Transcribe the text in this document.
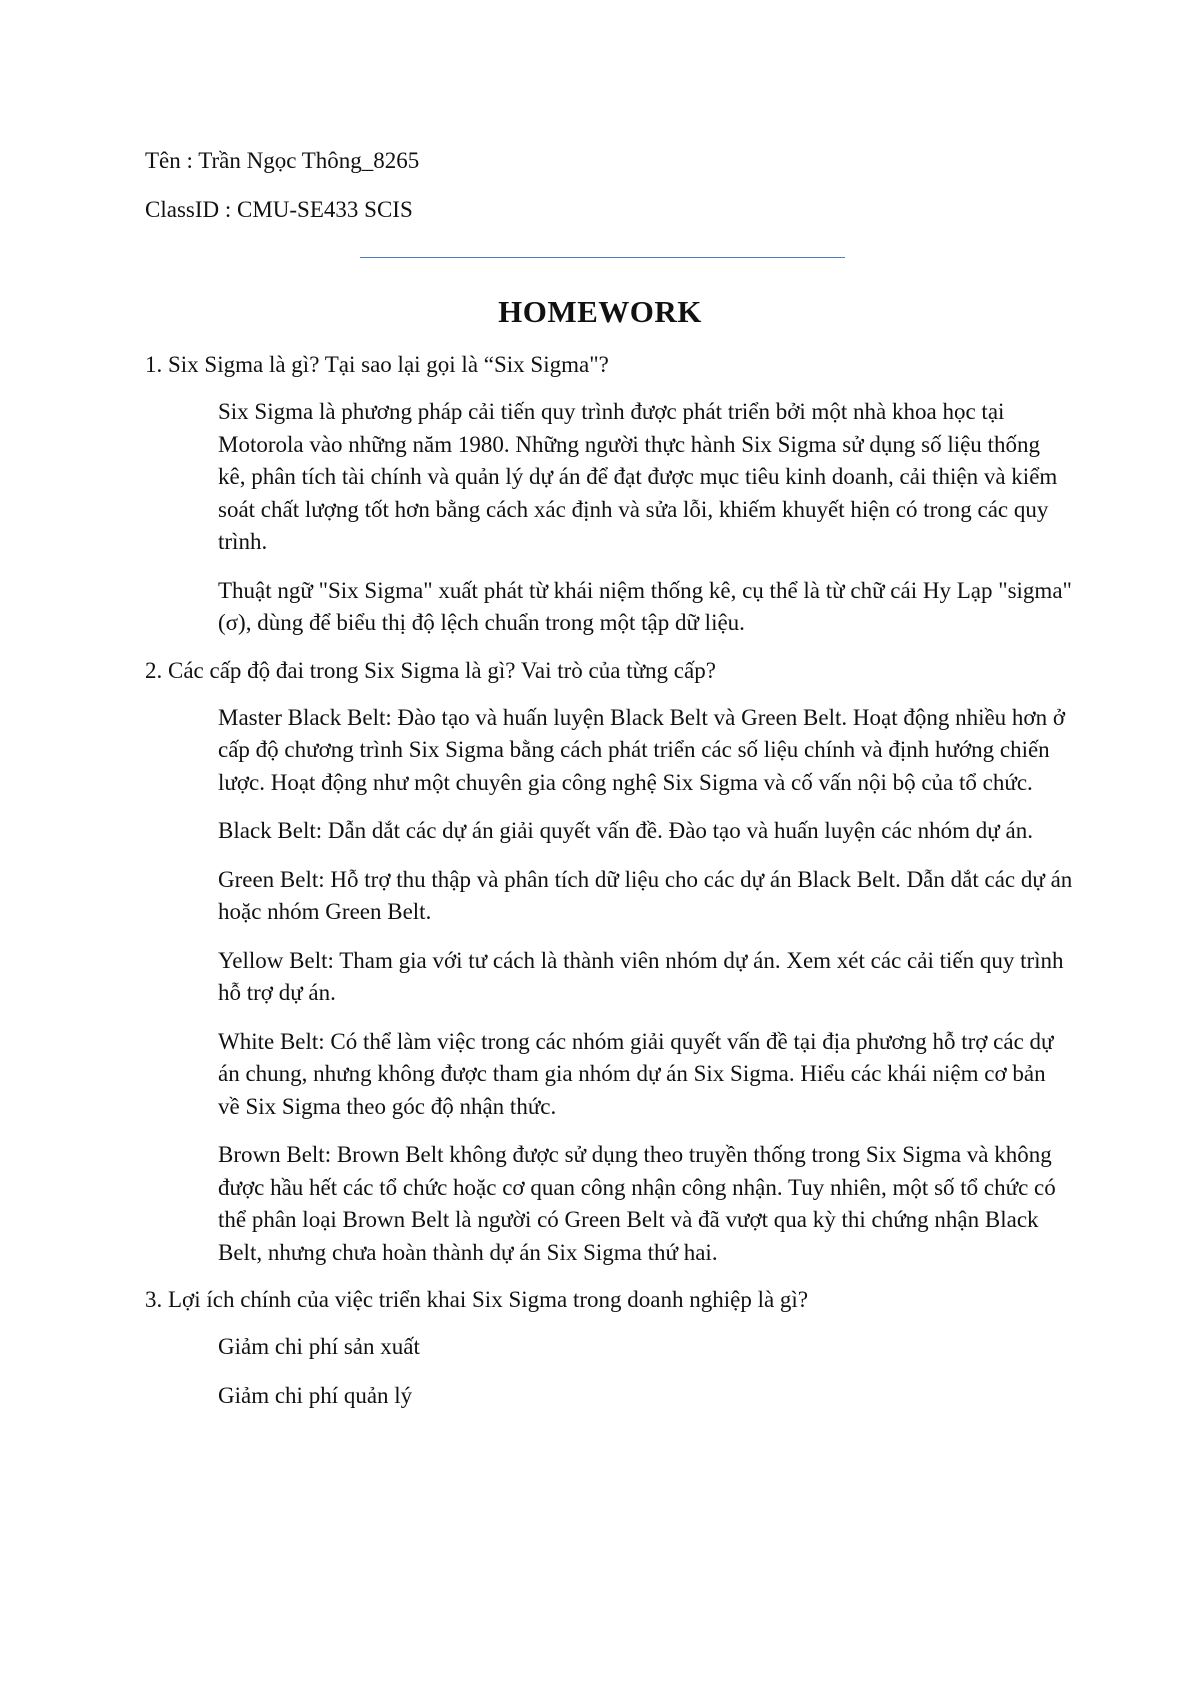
Tên : Trần Ngọc Thông_8265
ClassID : CMU-SE433 SCIS
HOMEWORK
1. Six Sigma là gì? Tại sao lại gọi là “Six Sigma"?

Six Sigma là phương pháp cải tiến quy trình được phát triển bởi một nhà khoa học tại Motorola vào những năm 1980. Những người thực hành Six Sigma sử dụng số liệu thống kê, phân tích tài chính và quản lý dự án để đạt được mục tiêu kinh doanh, cải thiện và kiểm soát chất lượng tốt hơn bằng cách xác định và sửa lỗi, khiếm khuyết hiện có trong các quy trình.

Thuật ngữ "Six Sigma" xuất phát từ khái niệm thống kê, cụ thể là từ chữ cái Hy Lạp "sigma" (σ), dùng để biểu thị độ lệch chuẩn trong một tập dữ liệu.

2. Các cấp độ đai trong Six Sigma là gì? Vai trò của từng cấp?

Master Black Belt: Đào tạo và huấn luyện Black Belt và Green Belt. Hoạt động nhiều hơn ở cấp độ chương trình Six Sigma bằng cách phát triển các số liệu chính và định hướng chiến lược. Hoạt động như một chuyên gia công nghệ Six Sigma và cố vấn nội bộ của tổ chức.

Black Belt: Dẫn dắt các dự án giải quyết vấn đề. Đào tạo và huấn luyện các nhóm dự án.

Green Belt: Hỗ trợ thu thập và phân tích dữ liệu cho các dự án Black Belt. Dẫn dắt các dự án hoặc nhóm Green Belt.

Yellow Belt: Tham gia với tư cách là thành viên nhóm dự án. Xem xét các cải tiến quy trình hỗ trợ dự án.

White Belt: Có thể làm việc trong các nhóm giải quyết vấn đề tại địa phương hỗ trợ các dự án chung, nhưng không được tham gia nhóm dự án Six Sigma. Hiểu các khái niệm cơ bản về Six Sigma theo góc độ nhận thức.

Brown Belt: Brown Belt không được sử dụng theo truyền thống trong Six Sigma và không được hầu hết các tổ chức hoặc cơ quan công nhận công nhận. Tuy nhiên, một số tổ chức có thể phân loại Brown Belt là người có Green Belt và đã vượt qua kỳ thi chứng nhận Black Belt, nhưng chưa hoàn thành dự án Six Sigma thứ hai.

3. Lợi ích chính của việc triển khai Six Sigma trong doanh nghiệp là gì?

Giảm chi phí sản xuất

Giảm chi phí quản lý
